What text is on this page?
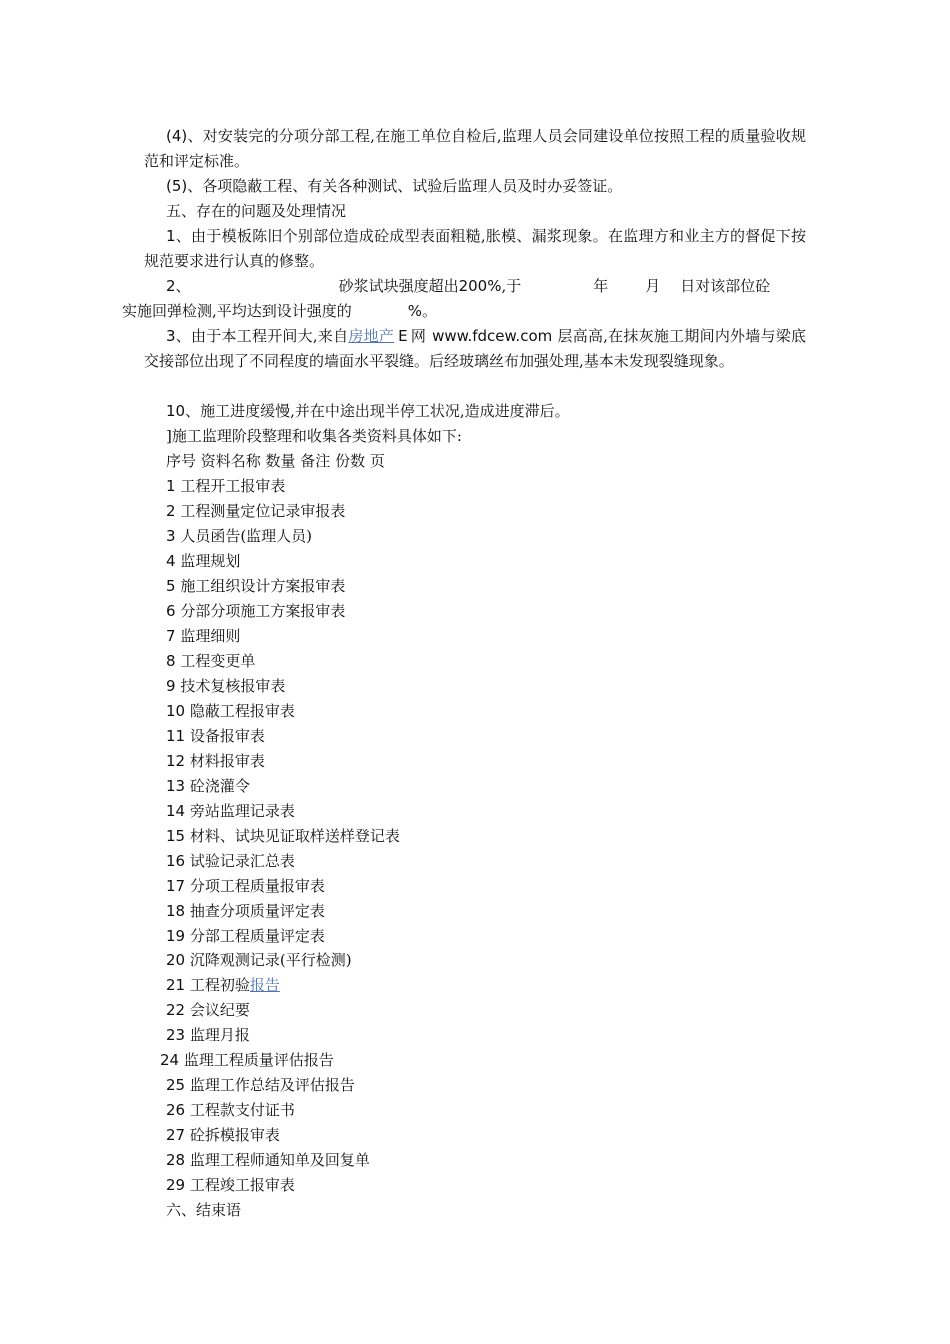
(4)、对安装完的分项分部工程,在施工单位自检后,监理人员会同建设单位按照工程的质量验收规范和评定标准。

(5)、各项隐蔽工程、有关各种测试、试验后监理人员及时办妥签证。

五、存在的问题及处理情况

1、由于模板陈旧个别部位造成砼成型表面粗糙,胀模、漏浆现象。在监理方和业主方的督促下按规范要求进行认真的修整。

2、	砂浆试块强度超出200%,于	年 月 日对该部位砼
实施回弹检测,平均达到设计强度的	%。

3、由于本工程开间大,来自房地产 E 网 www.fdcew.com 层高高,在抹灰施工期间内外墙与梁底交接部位出现了不同程度的墙面水平裂缝。后经玻璃丝布加强处理,基本未发现裂缝现象。

10、施工进度缓慢,并在中途出现半停工状况,造成进度滞后。

]施工监理阶段整理和收集各类资料具体如下:
序号 资料名称 数量 备注 份数 页
1 工程开工报审表
2 工程测量定位记录审报表
3 人员函告(监理人员)
4 监理规划
5 施工组织设计方案报审表
6 分部分项施工方案报审表
7 监理细则
8 工程变更单
9 技术复核报审表
10 隐蔽工程报审表
11 设备报审表
12 材料报审表
13 砼浇灌令
14 旁站监理记录表
15 材料、试块见证取样送样登记表
16 试验记录汇总表
17 分项工程质量报审表
18 抽查分项质量评定表
19 分部工程质量评定表
20 沉降观测记录(平行检测)
21 工程初验报告
22 会议纪要
23 监理月报
24 监理工程质量评估报告
25 监理工作总结及评估报告
26 工程款支付证书
27 砼拆模报审表
28 监理工程师通知单及回复单
29 工程竣工报审表
六、结束语
